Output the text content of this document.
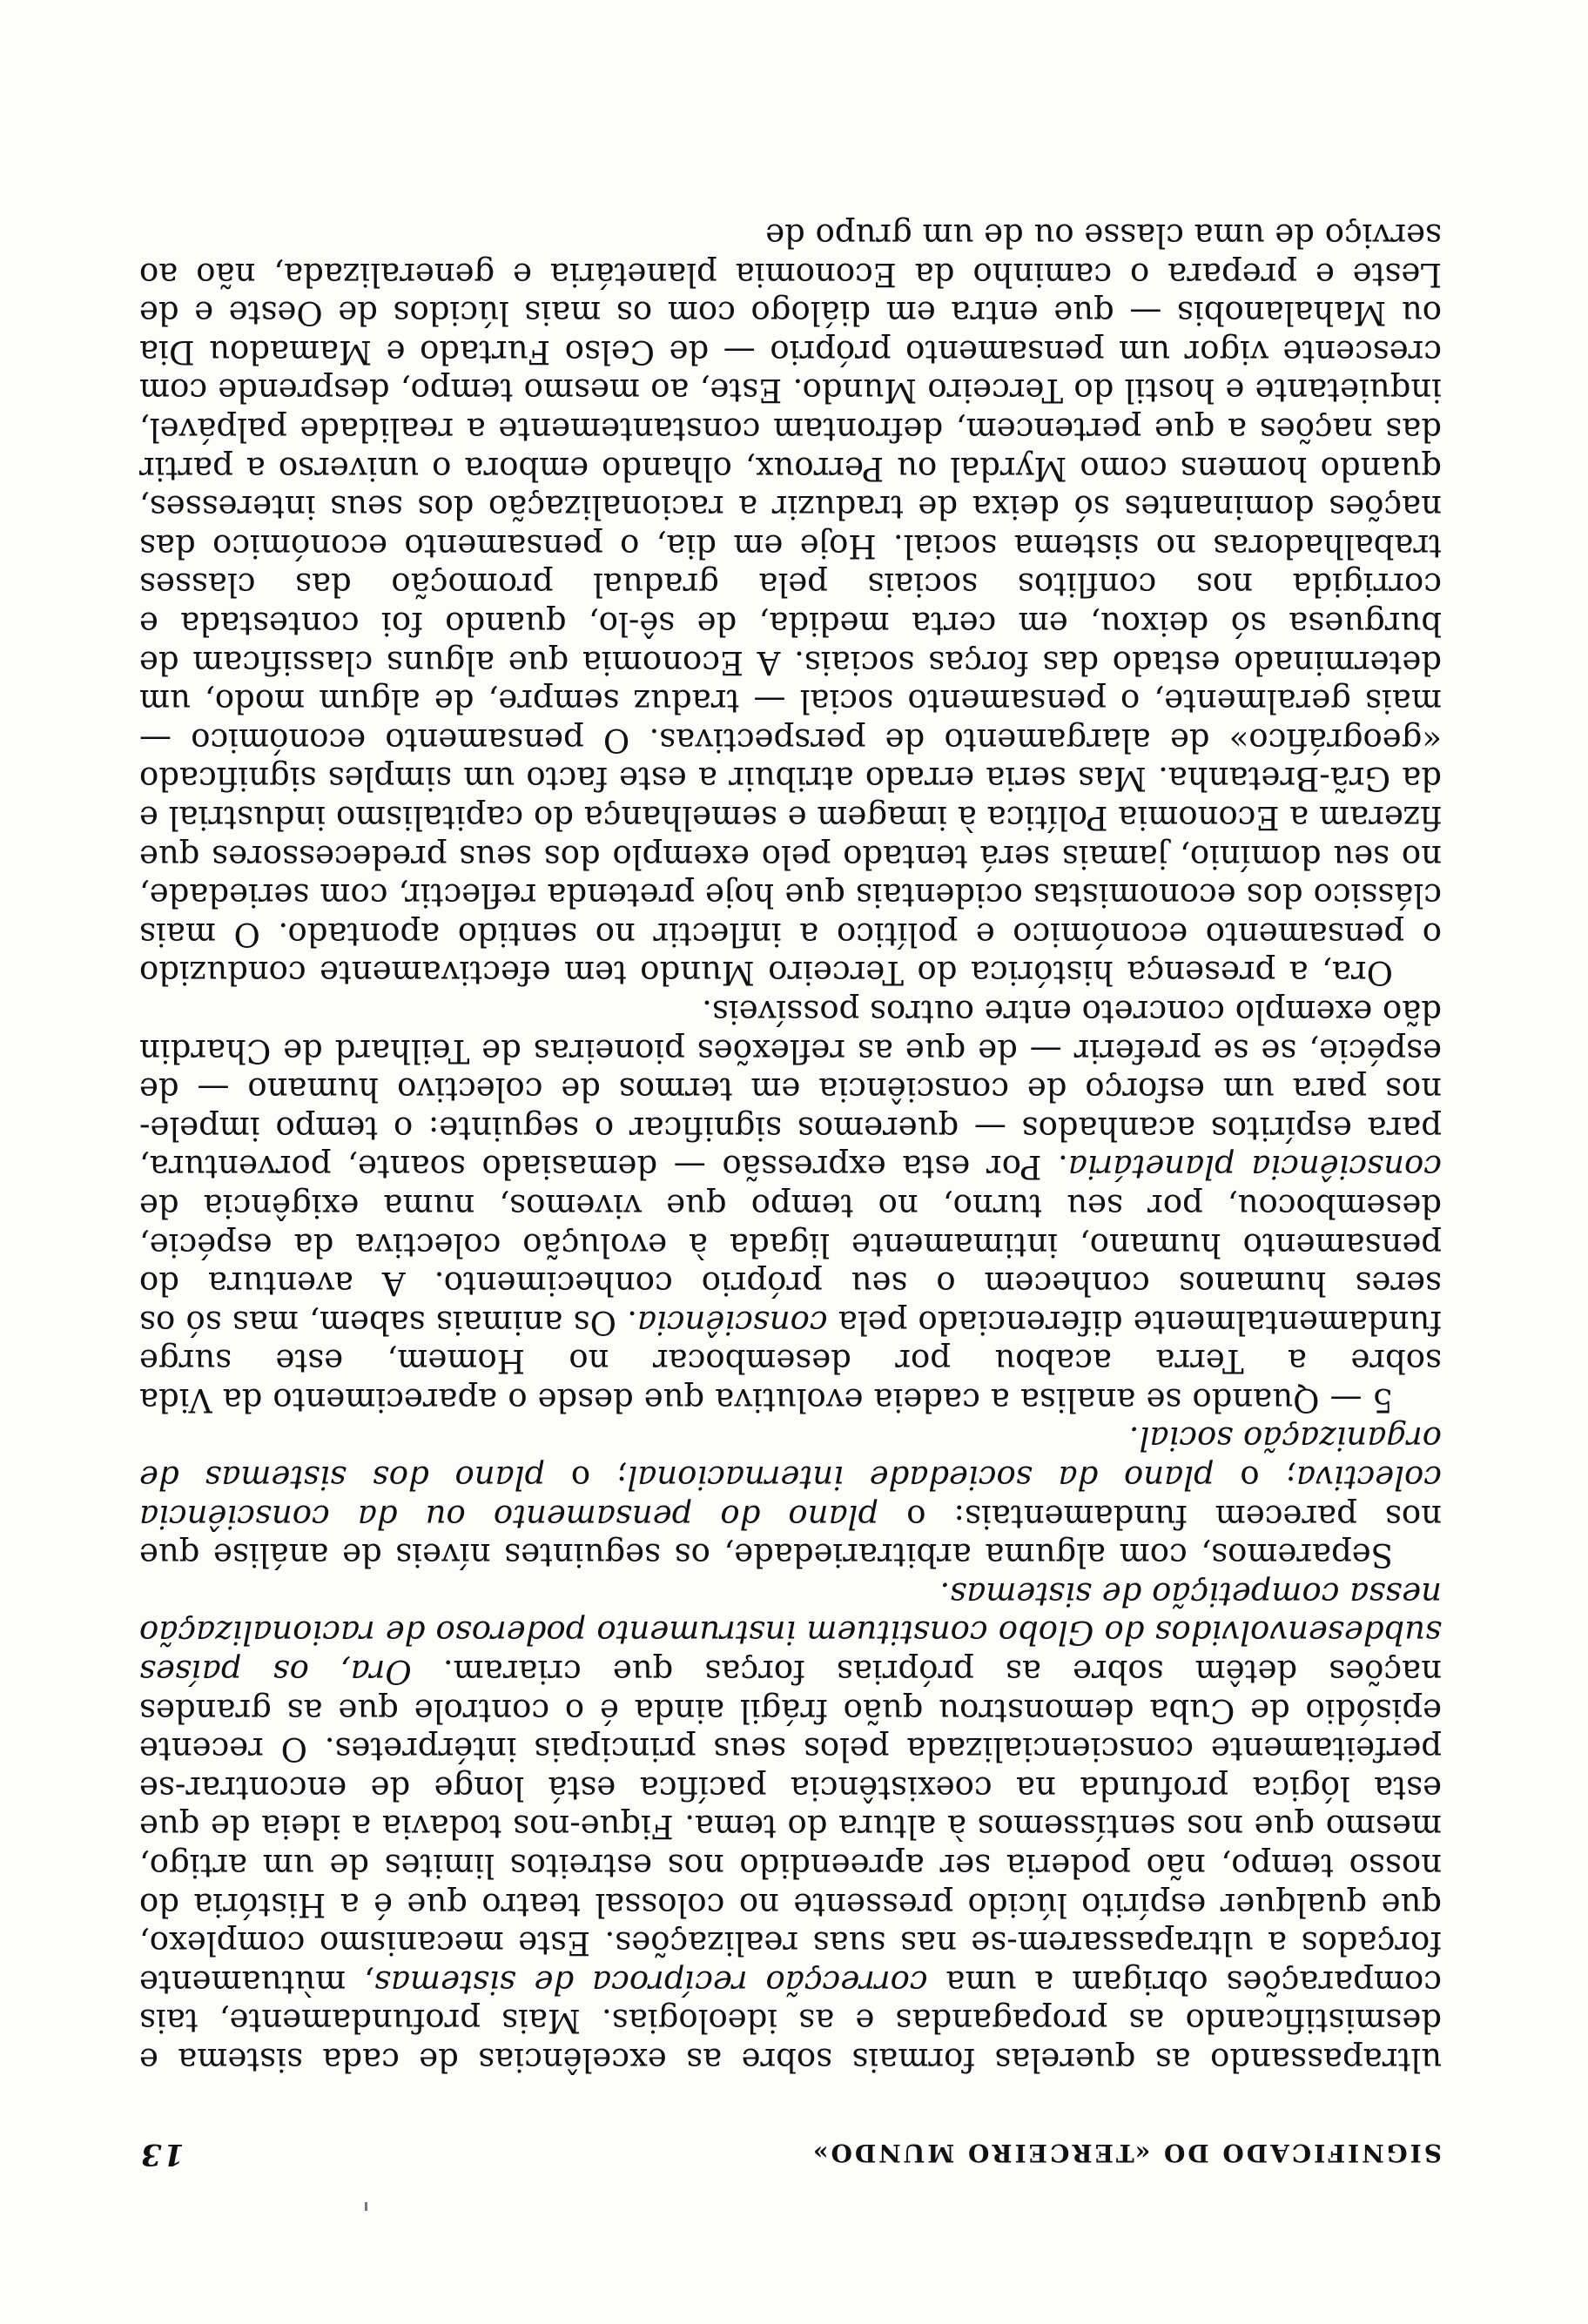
SIGNIFICADO DO «TERCEIRO MUNDO»
13

ultrapassando as querelas formais sobre as excelências de cada sistema e desmistificando as propagandas e as ideologias. Mais profundamente, tais comparações obrigam a uma correcção recíproca de sistemas, mùtuamente forçados a ultrapassarem-se nas suas realizações. Este mecanismo complexo, que qualquer espírito lúcido pressente no colossal teatro que é a História do nosso tempo, não poderia ser apreendido nos estreitos limites de um artigo, mesmo que nos sentíssemos à altura do tema. Fique-nos todavia a ideia de que esta lógica profunda na coexistência pacífica está longe de encontrar-se perfeitamente consciencializada pelos seus principais intérpretes. O recente episódio de Cuba demonstrou quão frágil ainda é o controle que as grandes nações detêm sobre as próprias forças que criaram. Ora, os países subdesenvolvidos do Globo constituem instrumento poderoso de racionalização nessa competição de sistemas.

Separemos, com alguma arbitrariedade, os seguintes níveis de análise que nos parecem fundamentais: o plano do pensamento ou da consciência colectiva; o plano da sociedade internacional; o plano dos sistemas de organização social.

5 — Quando se analisa a cadeia evolutiva que desde o aparecimento da Vida sobre a Terra acabou por desembocar no Homem, este surge fundamentalmente diferenciado pela consciência. Os animais sabem, mas só os seres humanos conhecem o seu próprio conhecimento. A aventura do pensamento humano, intimamente ligada à evolução colectiva da espécie, desembocou, por seu turno, no tempo que vivemos, numa exigência de consciência planetária. Por esta expressão — demasiado soante, porventura, para espíritos acanhados — queremos significar o seguinte: o tempo impele-nos para um esforço de consciência em termos de colectivo humano — de espécie, se se preferir — de que as reflexões pioneiras de Teilhard de Chardin dão exemplo concreto entre outros possíveis.

Ora, a presença histórica do Terceiro Mundo tem efectivamente conduzido o pensamento económico e político a inflectir no sentido apontado. O mais clássico dos economistas ocidentais que hoje pretenda reflectir, com seriedade, no seu domínio, jamais será tentado pelo exemplo dos seus predecessores que fizeram a Economia Política à imagem e semelhança do capitalismo industrial e da Grã-Bretanha. Mas seria errado atribuir a este facto um simples significado «geográfico» de alargamento de perspectivas. O pensamento económico — mais geralmente, o pensamento social — traduz sempre, de algum modo, um determinado estado das forças sociais. A Economia que alguns classificam de burguesa só deixou, em certa medida, de sê-lo, quando foi contestada e corrigida nos conflitos sociais pela gradual promoção das classes trabalhadoras no sistema social. Hoje em dia, o pensamento económico das nações dominantes só deixa de traduzir a racionalização dos seus interesses, quando homens como Myrdal ou Perroux, olhando embora o universo a partir das nações a que pertencem, defrontam constantemente a realidade palpável, inquietante e hostil do Terceiro Mundo. Este, ao mesmo tempo, desprende com crescente vigor um pensamento próprio — de Celso Furtado e Mamadou Dia ou Mahalanobis — que entra em diálogo com os mais lúcidos de Oeste e de Leste e prepara o caminho da Economia planetária e generalizada, não ao serviço de uma classe ou de um grupo de
